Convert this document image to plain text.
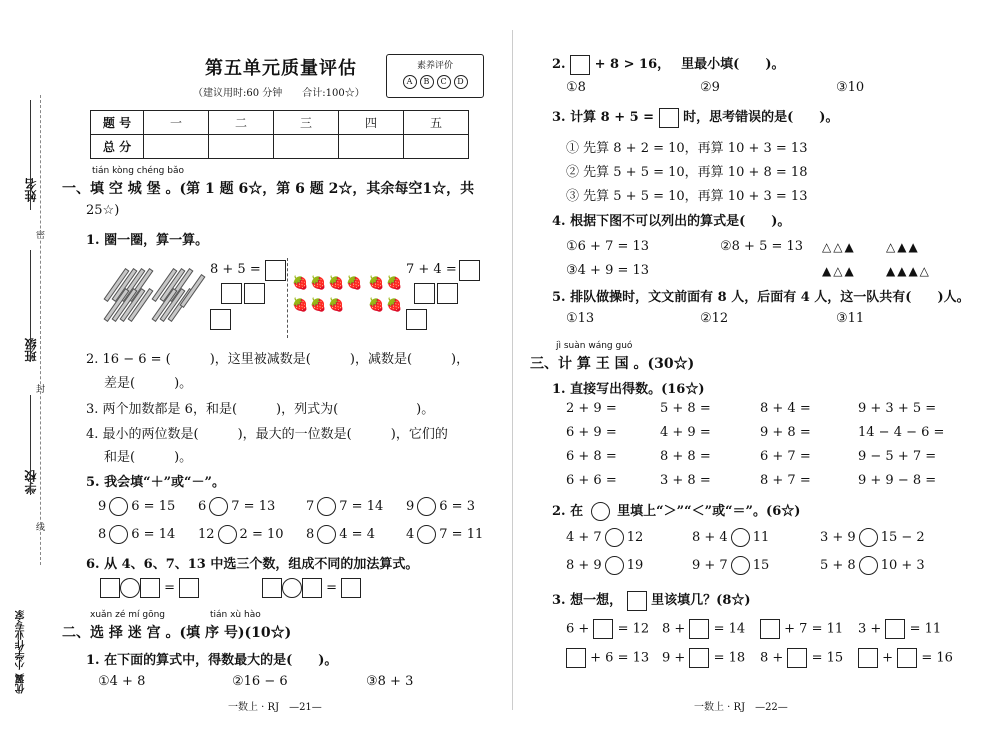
姓名
班级
学校
密
封
线
优翼 小学作业专家
第五单元质量评估
（建议用时:60 分钟　　合计:100☆）
素养评价
A	B	C	D
题 号	一	二	三	四	五
总 分					
tián kòng chéng bǎo
一、填 空 城 堡 。(第 1 题 6☆，第 6 题 2☆，其余每空1☆，共
25☆)
1. 圈一圈，算一算。
8 + 5 =
🍓 🍓 🍓 🍓
🍓 🍓 🍓
🍓 🍓
🍓 🍓
7 + 4 =
2. 16 − 6 = (　　　)，这里被减数是(　　　)，减数是(　　　)，
差是(　　　)。
3. 两个加数都是 6，和是(　　　)，列式为(　　　　　　)。
4. 最小的两位数是(　　　)，最大的一位数是(　　　)，它们的
和是(　　　)。
5. 我会填“＋”或“－”。
9 6 = 15 6 7 = 13 7 7 = 14 9 6 = 3
8 6 = 14 12 2 = 10 8 4 = 4 4 7 = 11
6. 从 4、6、7、13 中选三个数，组成不同的加法算式。
=	=
xuǎn zé mí gōng	tián xù hào
二、选 择 迷 宫 。(填 序 号)(10☆)
1. 在下面的算式中，得数最大的是(　　)。
①4 + 8	②16 − 6	③8 + 3
一数上 · RJ　—21—
2.  + 8 > 16，　 里最小填(　　)。
①8	②9	③10
3. 计算 8 + 5 = 时，思考错误的是(　　)。
① 先算 8 + 2 = 10，再算 10 + 3 = 13
② 先算 5 + 5 = 10，再算 10 + 8 = 18
③ 先算 5 + 5 = 10，再算 10 + 3 = 13
4. 根据下图不可以列出的算式是(　　)。
①6 + 7 = 13	②8 + 5 = 13
③4 + 9 = 13
△△▲	△▲▲
▲△▲	▲▲▲△
5. 排队做操时，文文前面有 8 人，后面有 4 人，这一队共有(　　)人。
①13	②12	③11
jì suàn wáng guó
三、计 算 王 国 。(30☆)
1. 直接写出得数。(16☆)
2 + 9 =	5 + 8 =	8 + 4 =	9 + 3 + 5 =
6 + 9 =	4 + 9 =	9 + 8 =	14 − 4 − 6 =
6 + 8 =	8 + 8 =	6 + 7 =	9 − 5 + 7 =
6 + 6 =	3 + 8 =	8 + 7 =	9 + 9 − 8 =
2. 在	里填上“＞”“＜”或“＝”。(6☆)
4 + 7 12	8 + 4 11	3 + 9 15 − 2
8 + 9 19	9 + 7 15	5 + 8 10 + 3
3. 想一想， 里该填几？(8☆)
6 + = 12 8 + = 14	+ 7 = 11 3 + = 11
+ 6 = 13 9 + = 18 8 + = 15	+ = 16
一数上 · RJ　—22—
